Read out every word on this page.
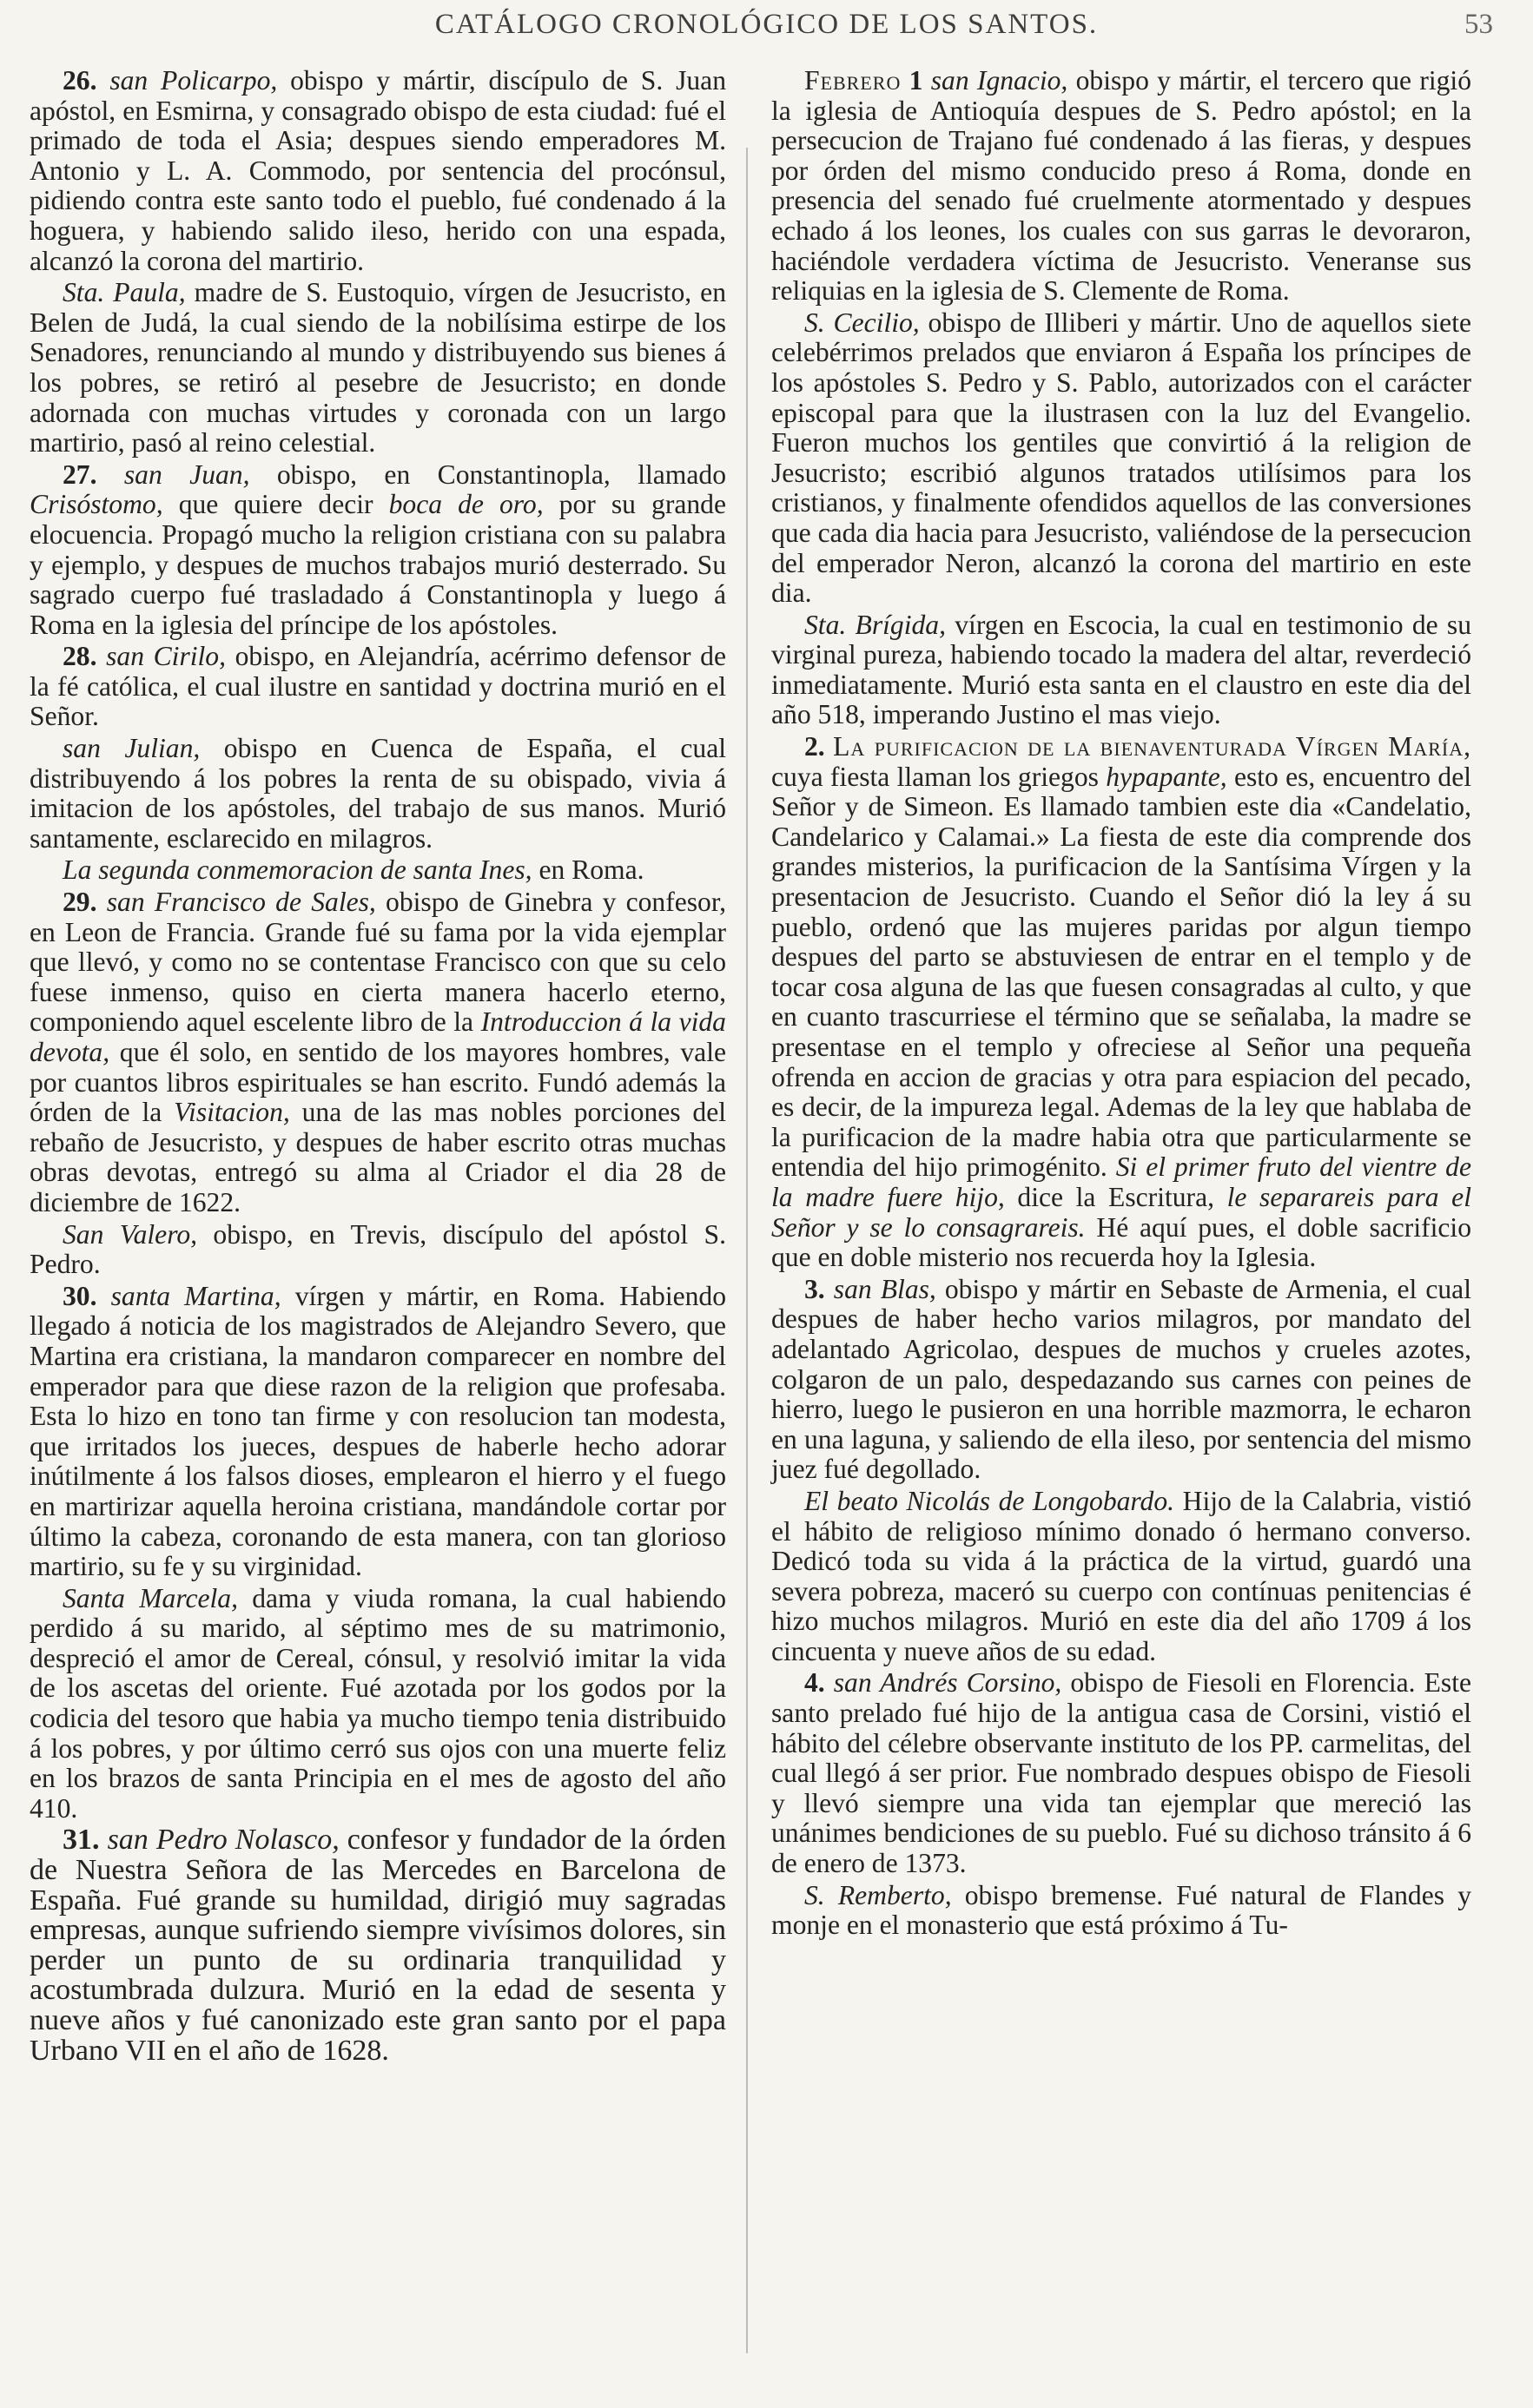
CATÁLOGO CRONOLÓGICO DE LOS SANTOS.	53

26. san Policarpo, obispo y mártir, discípulo de S. Juan apóstol, en Esmirna, y consagrado obispo de esta ciudad: fué el primado de toda el Asia; despues siendo emperadores M. Antonio y L. A. Commodo, por sentencia del procónsul, pidiendo contra este santo todo el pueblo, fué condenado á la hoguera, y habiendo salido ileso, herido con una espada, alcanzó la corona del martirio.

Sta. Paula, madre de S. Eustoquio, vírgen de Jesucristo, en Belen de Judá, la cual siendo de la nobilísima estirpe de los Senadores, renunciando al mundo y distribuyendo sus bienes á los pobres, se retiró al pesebre de Jesucristo; en donde adornada con muchas virtudes y coronada con un largo martirio, pasó al reino celestial.

27. san Juan, obispo, en Constantinopla, llamado Crisóstomo, que quiere decir boca de oro, por su grande elocuencia. Propagó mucho la religion cristiana con su palabra y ejemplo, y despues de muchos trabajos murió desterrado. Su sagrado cuerpo fué trasladado á Constantinopla y luego á Roma en la iglesia del príncipe de los apóstoles.

28. san Cirilo, obispo, en Alejandría, acérrimo defensor de la fé católica, el cual ilustre en santidad y doctrina murió en el Señor.

san Julian, obispo en Cuenca de España, el cual distribuyendo á los pobres la renta de su obispado, vivia á imitacion de los apóstoles, del trabajo de sus manos. Murió santamente, esclarecido en milagros.

La segunda conmemoracion de santa Ines, en Roma.

29. san Francisco de Sales, obispo de Ginebra y confesor, en Leon de Francia. Grande fué su fama por la vida ejemplar que llevó, y como no se contentase Francisco con que su celo fuese inmenso, quiso en cierta manera hacerlo eterno, componiendo aquel escelente libro de la Introduccion á la vida devota, que él solo, en sentido de los mayores hombres, vale por cuantos libros espirituales se han escrito. Fundó además la órden de la Visitacion, una de las mas nobles porciones del rebaño de Jesucristo, y despues de haber escrito otras muchas obras devotas, entregó su alma al Criador el dia 28 de diciembre de 1622.

San Valero, obispo, en Trevis, discípulo del apóstol S. Pedro.

30. santa Martina, vírgen y mártir, en Roma. Habiendo llegado á noticia de los magistrados de Alejandro Severo, que Martina era cristiana, la mandaron comparecer en nombre del emperador para que diese razon de la religion que profesaba. Esta lo hizo en tono tan firme y con resolucion tan modesta, que irritados los jueces, despues de haberle hecho adorar inútilmente á los falsos dioses, emplearon el hierro y el fuego en martirizar aquella heroina cristiana, mandándole cortar por último la cabeza, coronando de esta manera, con tan glorioso martirio, su fe y su virginidad.

Santa Marcela, dama y viuda romana, la cual habiendo perdido á su marido, al séptimo mes de su matrimonio, despreció el amor de Cereal, cónsul, y resolvió imitar la vida de los ascetas del oriente. Fué azotada por los godos por la codicia del tesoro que habia ya mucho tiempo tenia distribuido á los pobres, y por último cerró sus ojos con una muerte feliz en los brazos de santa Principia en el mes de agosto del año 410.

31. san Pedro Nolasco, confesor y fundador de la órden de Nuestra Señora de las Mercedes en Barcelona de España. Fué grande su humildad, dirigió muy sagradas empresas, aunque sufriendo siempre vivísimos dolores, sin perder un punto de su ordinaria tranquilidad y acostumbrada dulzura. Murió en la edad de sesenta y nueve años y fué canonizado este gran santo por el papa Urbano VII en el año de 1628.

Febrero 1 san Ignacio, obispo y mártir, el tercero que rigió la iglesia de Antioquía despues de S. Pedro apóstol; en la persecucion de Trajano fué condenado á las fieras, y despues por órden del mismo conducido preso á Roma, donde en presencia del senado fué cruelmente atormentado y despues echado á los leones, los cuales con sus garras le devoraron, haciéndole verdadera víctima de Jesucristo. Veneranse sus reliquias en la iglesia de S. Clemente de Roma.

S. Cecilio, obispo de Illiberi y mártir. Uno de aquellos siete celebérrimos prelados que enviaron á España los príncipes de los apóstoles S. Pedro y S. Pablo, autorizados con el carácter episcopal para que la ilustrasen con la luz del Evangelio. Fueron muchos los gentiles que convirtió á la religion de Jesucristo; escribió algunos tratados utilísimos para los cristianos, y finalmente ofendidos aquellos de las conversiones que cada dia hacia para Jesucristo, valiéndose de la persecucion del emperador Neron, alcanzó la corona del martirio en este dia.

Sta. Brígida, vírgen en Escocia, la cual en testimonio de su virginal pureza, habiendo tocado la madera del altar, reverdeció inmediatamente. Murió esta santa en el claustro en este dia del año 518, imperando Justino el mas viejo.

2. La purificacion de la bienaventurada Vírgen María, cuya fiesta llaman los griegos hypapante, esto es, encuentro del Señor y de Simeon. Es llamado tambien este dia «Candelatio, Candelarico y Calamai.» La fiesta de este dia comprende dos grandes misterios, la purificacion de la Santísima Vírgen y la presentacion de Jesucristo. Cuando el Señor dió la ley á su pueblo, ordenó que las mujeres paridas por algun tiempo despues del parto se abstuviesen de entrar en el templo y de tocar cosa alguna de las que fuesen consagradas al culto, y que en cuanto trascurriese el término que se señalaba, la madre se presentase en el templo y ofreciese al Señor una pequeña ofrenda en accion de gracias y otra para espiacion del pecado, es decir, de la impureza legal. Ademas de la ley que hablaba de la purificacion de la madre habia otra que particularmente se entendia del hijo primogénito. Si el primer fruto del vientre de la madre fuere hijo, dice la Escritura, le separareis para el Señor y se lo consagrareis. Hé aquí pues, el doble sacrificio que en doble misterio nos recuerda hoy la Iglesia.

3. san Blas, obispo y mártir en Sebaste de Armenia, el cual despues de haber hecho varios milagros, por mandato del adelantado Agricolao, despues de muchos y crueles azotes, colgaron de un palo, despedazando sus carnes con peines de hierro, luego le pusieron en una horrible mazmorra, le echaron en una laguna, y saliendo de ella ileso, por sentencia del mismo juez fué degollado.

El beato Nicolás de Longobardo. Hijo de la Calabria, vistió el hábito de religioso mínimo donado ó hermano converso. Dedicó toda su vida á la práctica de la virtud, guardó una severa pobreza, maceró su cuerpo con contínuas penitencias é hizo muchos milagros. Murió en este dia del año 1709 á los cincuenta y nueve años de su edad.

4. san Andrés Corsino, obispo de Fiesoli en Florencia. Este santo prelado fué hijo de la antigua casa de Corsini, vistió el hábito del célebre observante instituto de los PP. carmelitas, del cual llegó á ser prior. Fue nombrado despues obispo de Fiesoli y llevó siempre una vida tan ejemplar que mereció las unánimes bendiciones de su pueblo. Fué su dichoso tránsito á 6 de enero de 1373.

S. Remberto, obispo bremense. Fué natural de Flandes y monje en el monasterio que está próximo á Tu-
